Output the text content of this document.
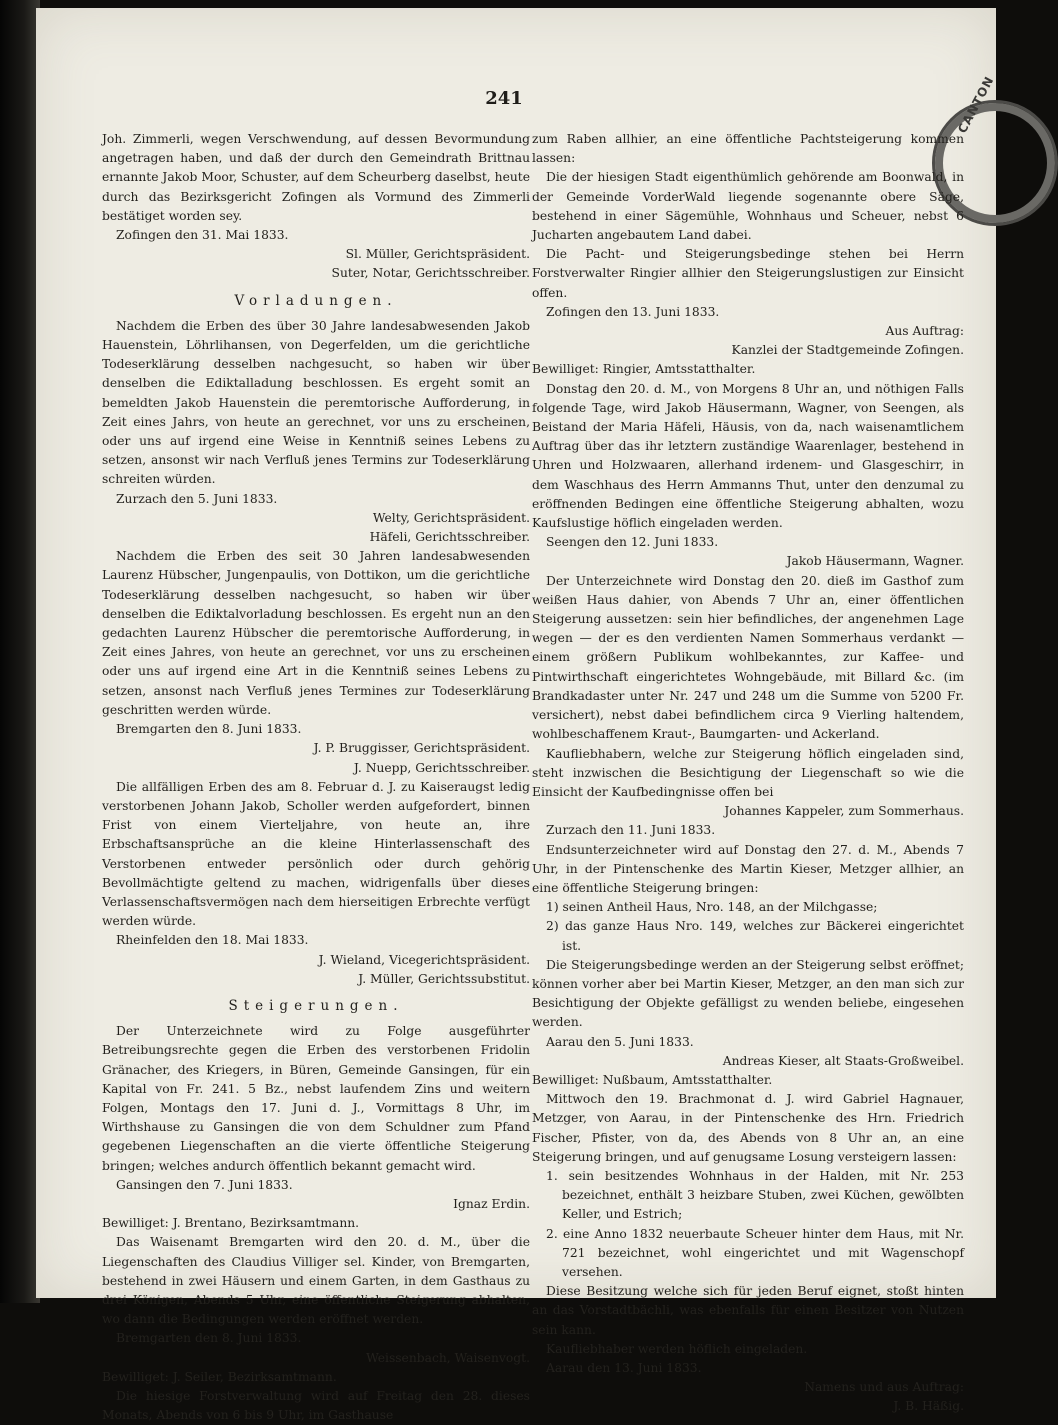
241	CANTON

Joh. Zimmerli, wegen Verschwendung, auf dessen Bevormundung angetragen haben, und daß der durch den Gemeindrath Brittnau ernannte Jakob Moor, Schuster, auf dem Scheurberg daselbst, heute durch das Bezirksgericht Zofingen als Vormund des Zimmerli bestätiget worden sey.

Zofingen den 31. Mai 1833.

Sl. Müller, Gerichtspräsident.

Suter, Notar, Gerichtsschreiber.

Vorladungen.

Nachdem die Erben des über 30 Jahre landesabwesenden Jakob Hauenstein, Löhrlihansen, von Degerfelden, um die gerichtliche Todeserklärung desselben nachgesucht, so haben wir über denselben die Ediktalladung beschlossen. Es ergeht somit an bemeldten Jakob Hauenstein die peremtorische Aufforderung, in Zeit eines Jahrs, von heute an gerechnet, vor uns zu erscheinen, oder uns auf irgend eine Weise in Kenntniß seines Lebens zu setzen, ansonst wir nach Verfluß jenes Termins zur Todeserklärung schreiten würden.

Zurzach den 5. Juni 1833.

Welty, Gerichtspräsident.

Häfeli, Gerichtsschreiber.

Nachdem die Erben des seit 30 Jahren landesabwesenden Laurenz Hübscher, Jungenpaulis, von Dottikon, um die gerichtliche Todeserklärung desselben nachgesucht, so haben wir über denselben die Ediktalvorladung beschlossen. Es ergeht nun an den gedachten Laurenz Hübscher die peremtorische Aufforderung, in Zeit eines Jahres, von heute an gerechnet, vor uns zu erscheinen oder uns auf irgend eine Art in die Kenntniß seines Lebens zu setzen, ansonst nach Verfluß jenes Termines zur Todeserklärung geschritten werden würde.

Bremgarten den 8. Juni 1833.

J. P. Bruggisser, Gerichtspräsident.

J. Nuepp, Gerichtsschreiber.

Die allfälligen Erben des am 8. Februar d. J. zu Kaiseraugst ledig verstorbenen Johann Jakob, Scholler werden aufgefordert, binnen Frist von einem Vierteljahre, von heute an, ihre Erbschaftsansprüche an die kleine Hinterlassenschaft des Verstorbenen entweder persönlich oder durch gehörig Bevollmächtigte geltend zu machen, widrigenfalls über dieses Verlassenschaftsvermögen nach dem hierseitigen Erbrechte verfügt werden würde.

Rheinfelden den 18. Mai 1833.

J. Wieland, Vicegerichtspräsident.

J. Müller, Gerichtssubstitut.

Steigerungen.

Der Unterzeichnete wird zu Folge ausgeführter Betreibungsrechte gegen die Erben des verstorbenen Fridolin Gränacher, des Kriegers, in Büren, Gemeinde Gansingen, für ein Kapital von Fr. 241. 5 Bz., nebst laufendem Zins und weitern Folgen, Montags den 17. Juni d. J., Vormittags 8 Uhr, im Wirthshause zu Gansingen die von dem Schuldner zum Pfand gegebenen Liegenschaften an die vierte öffentliche Steigerung bringen; welches andurch öffentlich bekannt gemacht wird.

Gansingen den 7. Juni 1833.

Ignaz Erdin.

Bewilliget: J. Brentano, Bezirksamtmann.

Das Waisenamt Bremgarten wird den 20. d. M., über die Liegenschaften des Claudius Villiger sel. Kinder, von Bremgarten, bestehend in zwei Häusern und einem Garten, in dem Gasthaus zu drei Königen, Abends 5 Uhr, eine öffentliche Steigerung abhalten, wo dann die Bedingungen werden eröffnet werden.

Bremgarten den 8. Juni 1833.

Weissenbach, Waisenvogt.

Bewilliget: J. Seiler, Bezirksamtmann.

Die hiesige Forstverwaltung wird auf Freitag den 28. dieses Monats, Abends von 6 bis 9 Uhr, im Gasthause

zum Raben allhier, an eine öffentliche Pachtsteigerung kommen lassen:

Die der hiesigen Stadt eigenthümlich gehörende am Boonwald, in der Gemeinde VorderWald liegende sogenannte obere Säge, bestehend in einer Sägemühle, Wohnhaus und Scheuer, nebst 6 Jucharten angebautem Land dabei.

Die Pacht- und Steigerungsbedinge stehen bei Herrn Forstverwalter Ringier allhier den Steigerungslustigen zur Einsicht offen.

Zofingen den 13. Juni 1833.

Aus Auftrag:

Kanzlei der Stadtgemeinde Zofingen.

Bewilliget: Ringier, Amtsstatthalter.

Donstag den 20. d. M., von Morgens 8 Uhr an, und nöthigen Falls folgende Tage, wird Jakob Häusermann, Wagner, von Seengen, als Beistand der Maria Häfeli, Häusis, von da, nach waisenamtlichem Auftrag über das ihr letztern zuständige Waarenlager, bestehend in Uhren und Holzwaaren, allerhand irdenem- und Glasgeschirr, in dem Waschhaus des Herrn Ammanns Thut, unter den denzumal zu eröffnenden Bedingen eine öffentliche Steigerung abhalten, wozu Kaufslustige höflich eingeladen werden.

Seengen den 12. Juni 1833.

Jakob Häusermann, Wagner.

Der Unterzeichnete wird Donstag den 20. dieß im Gasthof zum weißen Haus dahier, von Abends 7 Uhr an, einer öffentlichen Steigerung aussetzen: sein hier befindliches, der angenehmen Lage wegen — der es den verdienten Namen Sommerhaus verdankt — einem größern Publikum wohlbekanntes, zur Kaffee- und Pintwirthschaft eingerichtetes Wohngebäude, mit Billard &c. (im Brandkadaster unter Nr. 247 und 248 um die Summe von 5200 Fr. versichert), nebst dabei befindlichem circa 9 Vierling haltendem, wohlbeschaffenem Kraut-, Baumgarten- und Ackerland.

Kaufliebhabern, welche zur Steigerung höflich eingeladen sind, steht inzwischen die Besichtigung der Liegenschaft so wie die Einsicht der Kaufbedingnisse offen bei

Johannes Kappeler, zum Sommerhaus.

Zurzach den 11. Juni 1833.

Endsunterzeichneter wird auf Donstag den 27. d. M., Abends 7 Uhr, in der Pintenschenke des Martin Kieser, Metzger allhier, an eine öffentliche Steigerung bringen:

1) seinen Antheil Haus, Nro. 148, an der Milchgasse;

2) das ganze Haus Nro. 149, welches zur Bäckerei eingerichtet ist.

Die Steigerungsbedinge werden an der Steigerung selbst eröffnet; können vorher aber bei Martin Kieser, Metzger, an den man sich zur Besichtigung der Objekte gefälligst zu wenden beliebe, eingesehen werden.

Aarau den 5. Juni 1833.

Andreas Kieser, alt Staats-Großweibel.

Bewilliget: Nußbaum, Amtsstatthalter.

Mittwoch den 19. Brachmonat d. J. wird Gabriel Hagnauer, Metzger, von Aarau, in der Pintenschenke des Hrn. Friedrich Fischer, Pfister, von da, des Abends von 8 Uhr an, an eine Steigerung bringen, und auf genugsame Losung versteigern lassen:

1. sein besitzendes Wohnhaus in der Halden, mit Nr. 253 bezeichnet, enthält 3 heizbare Stuben, zwei Küchen, gewölbten Keller, und Estrich;

2. eine Anno 1832 neuerbaute Scheuer hinter dem Haus, mit Nr. 721 bezeichnet, wohl eingerichtet und mit Wagenschopf versehen.

Diese Besitzung welche sich für jeden Beruf eignet, stoßt hinten an das Vorstadtbächli, was ebenfalls für einen Besitzer von Nutzen sein kann.

Kaufliebhaber werden höflich eingeladen.

Aarau den 13. Juni 1833.

Namens und aus Auftrag:

J. B. Häßig.
